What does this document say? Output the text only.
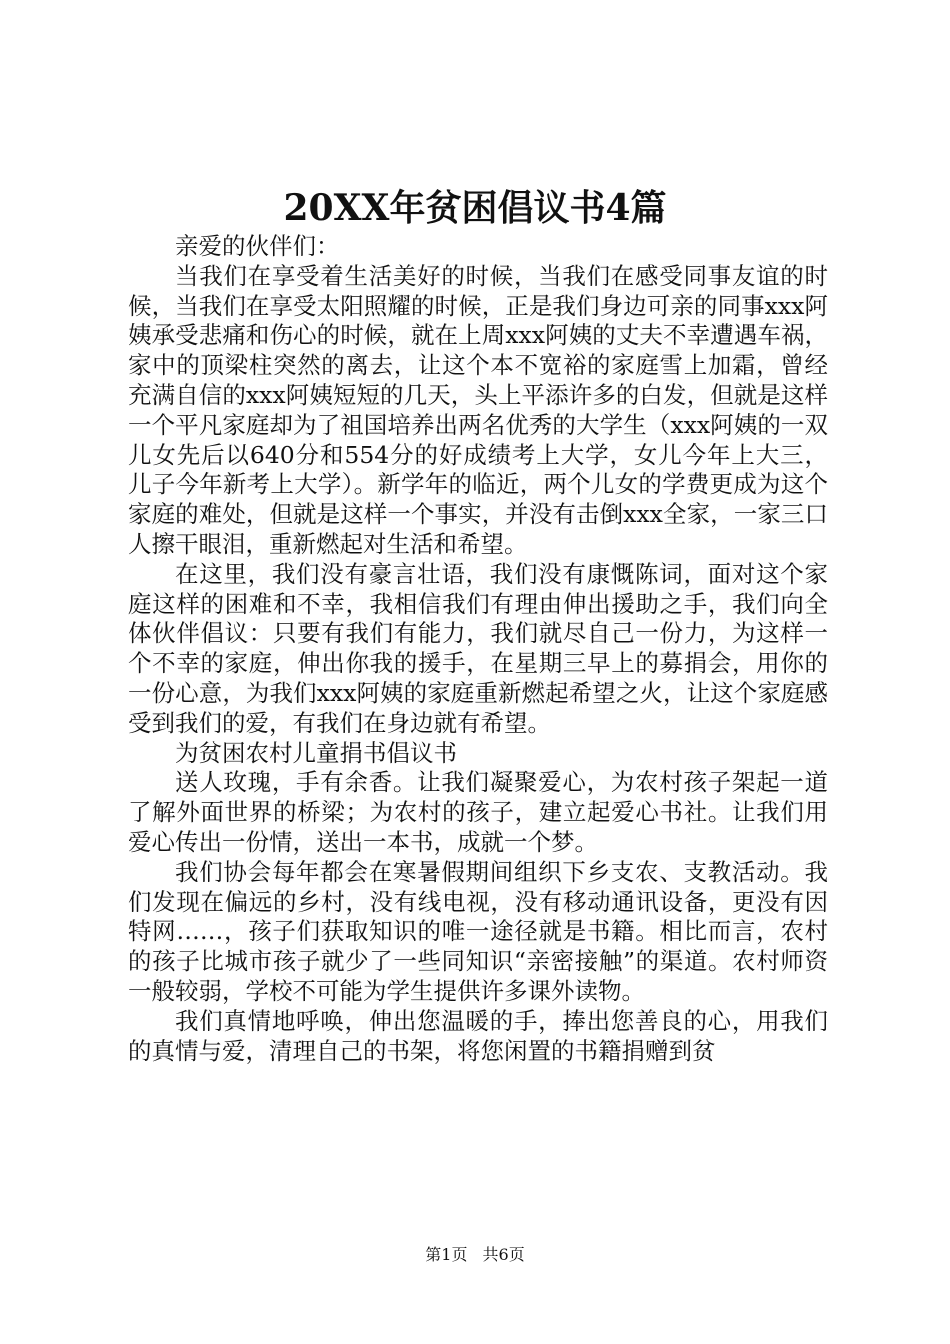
20XX年贫困倡议书4篇

亲爱的伙伴们：

当我们在享受着生活美好的时候，当我们在感受同事友谊的时候，当我们在享受太阳照耀的时候，正是我们身边可亲的同事xxx阿姨承受悲痛和伤心的时候，就在上周xxx阿姨的丈夫不幸遭遇车祸，家中的顶梁柱突然的离去，让这个本不宽裕的家庭雪上加霜，曾经充满自信的xxx阿姨短短的几天，头上平添许多的白发，但就是这样一个平凡家庭却为了祖国培养出两名优秀的大学生（xxx阿姨的一双儿女先后以640分和554分的好成绩考上大学，女儿今年上大三，儿子今年新考上大学）。新学年的临近，两个儿女的学费更成为这个家庭的难处，但就是这样一个事实，并没有击倒xxx全家，一家三口人擦干眼泪，重新燃起对生活和希望。

在这里，我们没有豪言壮语，我们没有康慨陈词，面对这个家庭这样的困难和不幸，我相信我们有理由伸出援助之手，我们向全体伙伴倡议：只要有我们有能力，我们就尽自己一份力，为这样一个不幸的家庭，伸出你我的援手，在星期三早上的募捐会，用你的一份心意，为我们xxx阿姨的家庭重新燃起希望之火，让这个家庭感受到我们的爱，有我们在身边就有希望。

为贫困农村儿童捐书倡议书

送人玫瑰，手有余香。让我们凝聚爱心，为农村孩子架起一道了解外面世界的桥梁；为农村的孩子，建立起爱心书社。让我们用爱心传出一份情，送出一本书，成就一个梦。

我们协会每年都会在寒暑假期间组织下乡支农、支教活动。我们发现在偏远的乡村，没有线电视，没有移动通讯设备，更没有因特网……，孩子们获取知识的唯一途径就是书籍。相比而言，农村的孩子比城市孩子就少了一些同知识“亲密接触”的渠道。农村师资一般较弱，学校不可能为学生提供许多课外读物。

我们真情地呼唤，伸出您温暖的手，捧出您善良的心，用我们的真情与爱，清理自己的书架，将您闲置的书籍捐赠到贫

第1页 共6页
